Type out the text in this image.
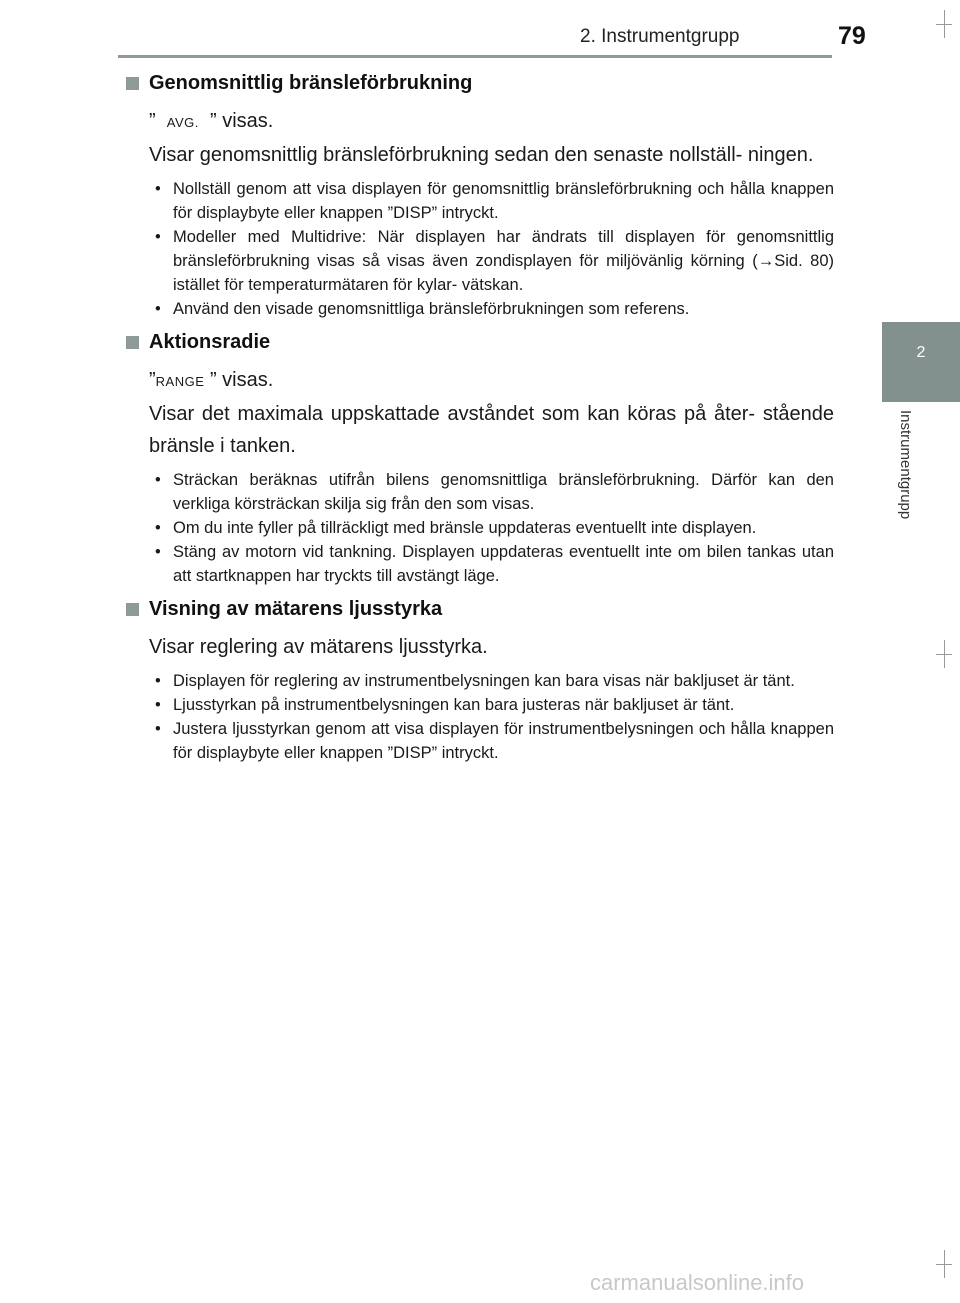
2. Instrumentgrupp	79
2
Instrumentgrupp
Genomsnittlig bränsleförbrukning
”  AVG. ” visas.
Visar genomsnittlig bränsleförbrukning sedan den senaste nollställ- ningen.
• Nollställ genom att visa displayen för genomsnittlig bränsleförbrukning och hålla knappen för displaybyte eller knappen ”DISP” intryckt.
• Modeller med Multidrive: När displayen har ändrats till displayen för genomsnittlig bränsleförbrukning visas så visas även zondisplayen för miljövänlig körning (→Sid. 80) istället för temperaturmätaren för kylar- vätskan.
• Använd den visade genomsnittliga bränsleförbrukningen som referens.
Aktionsradie
”RANGE ” visas.
Visar det maximala uppskattade avståndet som kan köras på åter- stående bränsle i tanken.
• Sträckan beräknas utifrån bilens genomsnittliga bränsleförbrukning. Därför kan den verkliga körsträckan skilja sig från den som visas.
• Om du inte fyller på tillräckligt med bränsle uppdateras eventuellt inte displayen.
• Stäng av motorn vid tankning. Displayen uppdateras eventuellt inte om bilen tankas utan att startknappen har tryckts till avstängt läge.
Visning av mätarens ljusstyrka
Visar reglering av mätarens ljusstyrka.
• Displayen för reglering av instrumentbelysningen kan bara visas när bakljuset är tänt.
• Ljusstyrkan på instrumentbelysningen kan bara justeras när bakljuset är tänt.
• Justera ljusstyrkan genom att visa displayen för instrumentbelysningen och hålla knappen för displaybyte eller knappen ”DISP” intryckt.
carmanualsonline.info
